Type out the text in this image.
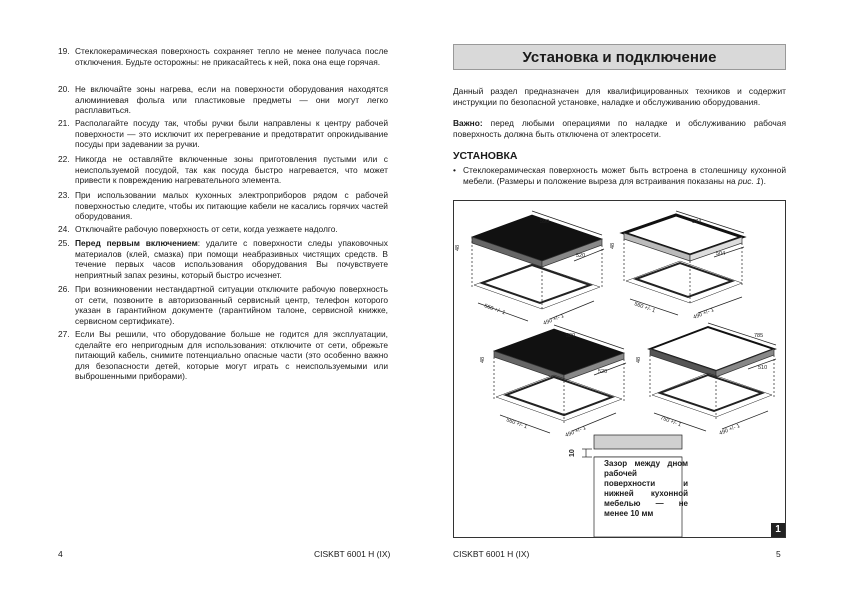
19. Стеклокерамическая поверхность сохраняет тепло не менее получаса после отключения. Будьте осторожны: не прикасайтесь к ней, пока она еще горячая.
20. Не включайте зоны нагрева, если на поверхности оборудования находятся алюминиевая фольга или пластиковые предметы — они могут легко расплавиться.
21. Располагайте посуду так, чтобы ручки были направлены к центру рабочей поверхности — это исключит их перегревание и предотвратит опрокидывание посуды при задевании за ручки.
22. Никогда не оставляйте включенные зоны приготовления пустыми или с неиспользуемой посудой, так как посуда быстро нагревается, что может привести к повреждению нагревательного элемента.
23. При использовании малых кухонных электроприборов рядом с рабочей поверхностью следите, чтобы их питающие кабели не касались горячих частей оборудования.
24. Отключайте рабочую поверхность от сети, когда уезжаете надолго.
25. Перед первым включением: удалите с поверхности следы упаковочных материалов (клей, смазка) при помощи неабразивных чистящих средств. В течение первых часов использования оборудования Вы почувствуете неприятный запах резины, который быстро исчезнет.
26. При возникновении нестандартной ситуации отключите рабочую поверхность от сети, позвоните в авторизованный сервисный центр, телефон которого указан в гарантийном документе (гарантийном талоне, сервисной книжке, сервисном сертификате).
27. Если Вы решили, что оборудование больше не годится для эксплуатации, сделайте его непригодным для использования: отключите от сети, обрежьте питающий кабель, снимите потенциально опасные части (это особенно важно для безопасности детей, которые могут играть с неиспользуемыми или выброшенными приборами).
4	CISKBT 6001 H (IX)
Установка и подключение
Данный раздел предназначен для квалифицированных техников и содержит инструкции по безопасной установке, наладке и обслуживанию оборудования.
Важно: перед любыми операциями по наладке и обслуживанию рабочая поверхность должна быть отключена от электросети.
УСТАНОВКА
• Стеклокерамическая поверхность может быть встроена в столешницу кухонной мебели. (Размеры и положение выреза для встраивания показаны на рис. 1).
48
590
520
560 +/- 1
490 +/- 1
48
574
504
560 +/- 1	490 +/- 1
48
590
520
560 +/- 1
490 +/- 1
48
785
510
750 +/- 1
490 +/- 1
10
Зазор между дном рабочей поверхности и нижней кухонной мебелью — не менее 10 мм
1
CISKBT 6001 H (IX)	5
